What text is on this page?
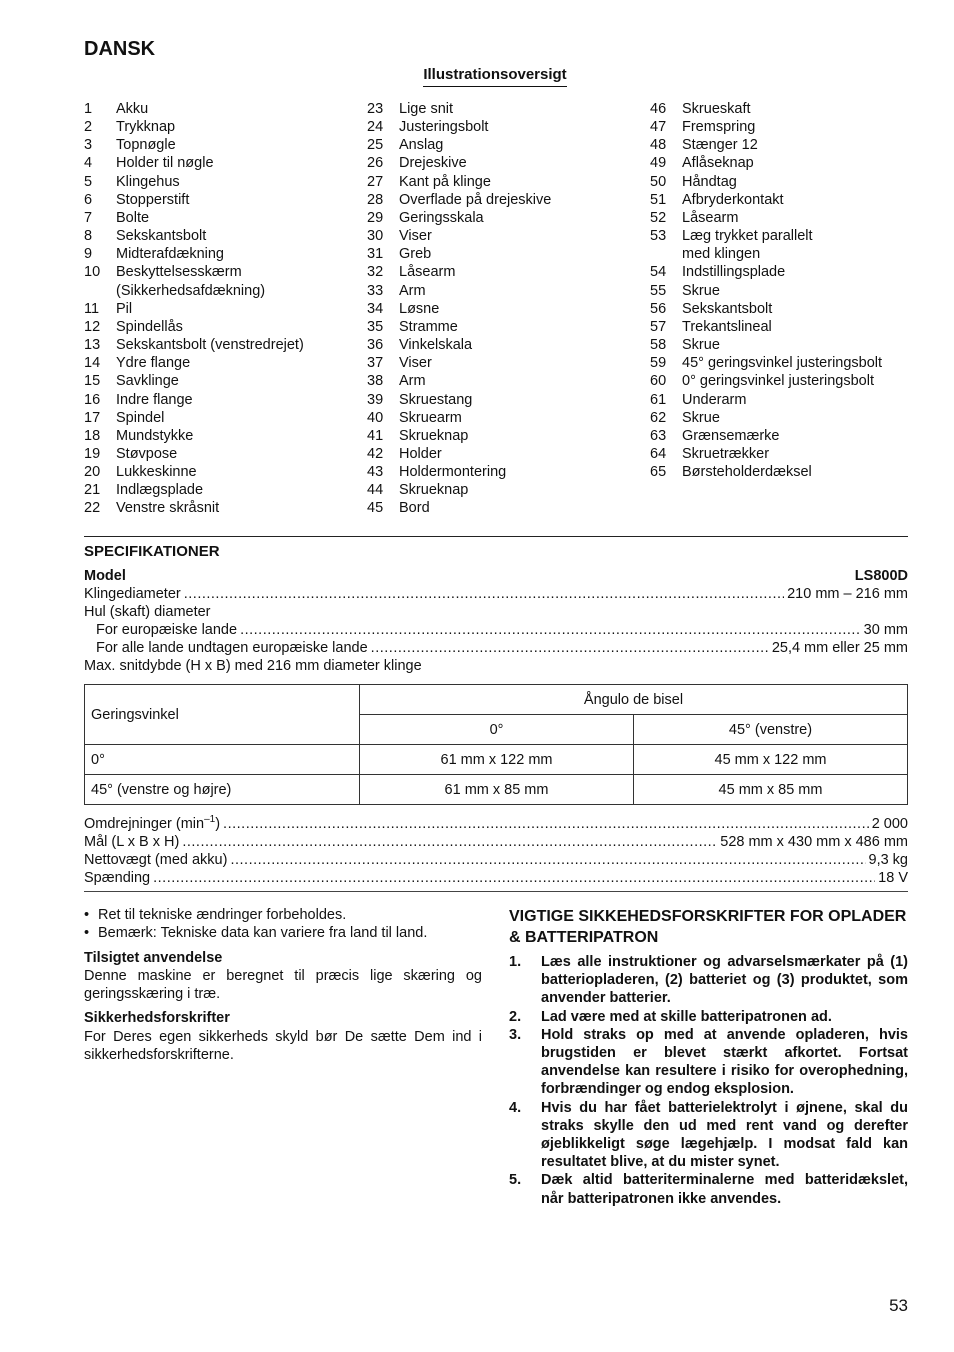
DANSK
Illustrationsoversigt
1	Akku
2	Trykknap
3	Topnøgle
4	Holder til nøgle
5	Klingehus
6	Stopperstift
7	Bolte
8	Sekskantsbolt
9	Midterafdækning
10	Beskyttelsesskærm
(Sikkerhedsafdækning)
11	Pil
12	Spindellås
13	Sekskantsbolt (venstredrejet)
14	Ydre flange
15	Savklinge
16	Indre flange
17	Spindel
18	Mundstykke
19	Støvpose
20	Lukkeskinne
21	Indlægsplade
22	Venstre skråsnit
23	Lige snit
24	Justeringsbolt
25	Anslag
26	Drejeskive
27	Kant på klinge
28	Overflade på drejeskive
29	Geringsskala
30	Viser
31	Greb
32	Låsearm
33	Arm
34	Løsne
35	Stramme
36	Vinkelskala
37	Viser
38	Arm
39	Skruestang
40	Skruearm
41	Skrueknap
42	Holder
43	Holdermontering
44	Skrueknap
45	Bord
46	Skrueskaft
47	Fremspring
48	Stænger 12
49	Aflåseknap
50	Håndtag
51	Afbryderkontakt
52	Låsearm
53	Læg trykket parallelt
med klingen
54	Indstillingsplade
55	Skrue
56	Sekskantsbolt
57	Trekantslineal
58	Skrue
59	45° geringsvinkel justeringsbolt
60	0° geringsvinkel justeringsbolt
61	Underarm
62	Skrue
63	Grænsemærke
64	Skruetrækker
65	Børsteholderdæksel
SPECIFIKATIONER
Model	LS800D
Klingediameter .....	210 mm – 216 mm
Hul (skaft) diameter
For europæiske lande .....	30 mm
For alle lande undtagen europæiske lande .....	25,4 mm eller 25 mm
Max. snitdybde (H x B) med 216 mm diameter klinge
Geringsvinkel	Ångulo de bisel	
	0°	45° (venstre)
0°	61 mm x 122 mm	45 mm x 122 mm
45° (venstre og højre)	61 mm x 85 mm	45 mm x 85 mm
Omdrejninger $(\min^{-1})$ .....	2 000
Mål (L x B x H) .....	528 mm x 430 mm x 486 mm
Nettovægt (med akku) .....	9,3 kg
Spænding .....	18 V
• Ret til tekniske ændringer forbeholdes.
• Bemærk: Tekniske data kan variere fra land til land.
Tilsigtet anvendelse
Denne maskine er beregnet til præcis lige skæring og geringsskæring i træ.
Sikkerhedsforskrifter
For Deres egen sikkerheds skyld bør De sætte Dem ind i sikkerhedsforskrifterne.
VIGTIGE SIKKEHEDSFORSKRIFTER FOR OPLADER & BATTERIPATRON
1.	Læs alle instruktioner og advarselsmærkater på (1) batteriopladeren, (2) batteriet og (3) produktet, som anvender batterier.
2.	Lad være med at skille batteripatronen ad.
3.	Hold straks op med at anvende opladeren, hvis brugstiden er blevet stærkt afkortet. Fortsat anvendelse kan resultere i risiko for overophedning, forbrændinger og endog eksplosion.
4.	Hvis du har fået batterielektrolyt i øjnene, skal du straks skylle den ud med rent vand og derefter øjeblikkeligt søge lægehjælp. I modsat fald kan resultatet blive, at du mister synet.
5.	Dæk altid batteriterminalerne med batteridækslet, når batteripatronen ikke anvendes.
53
